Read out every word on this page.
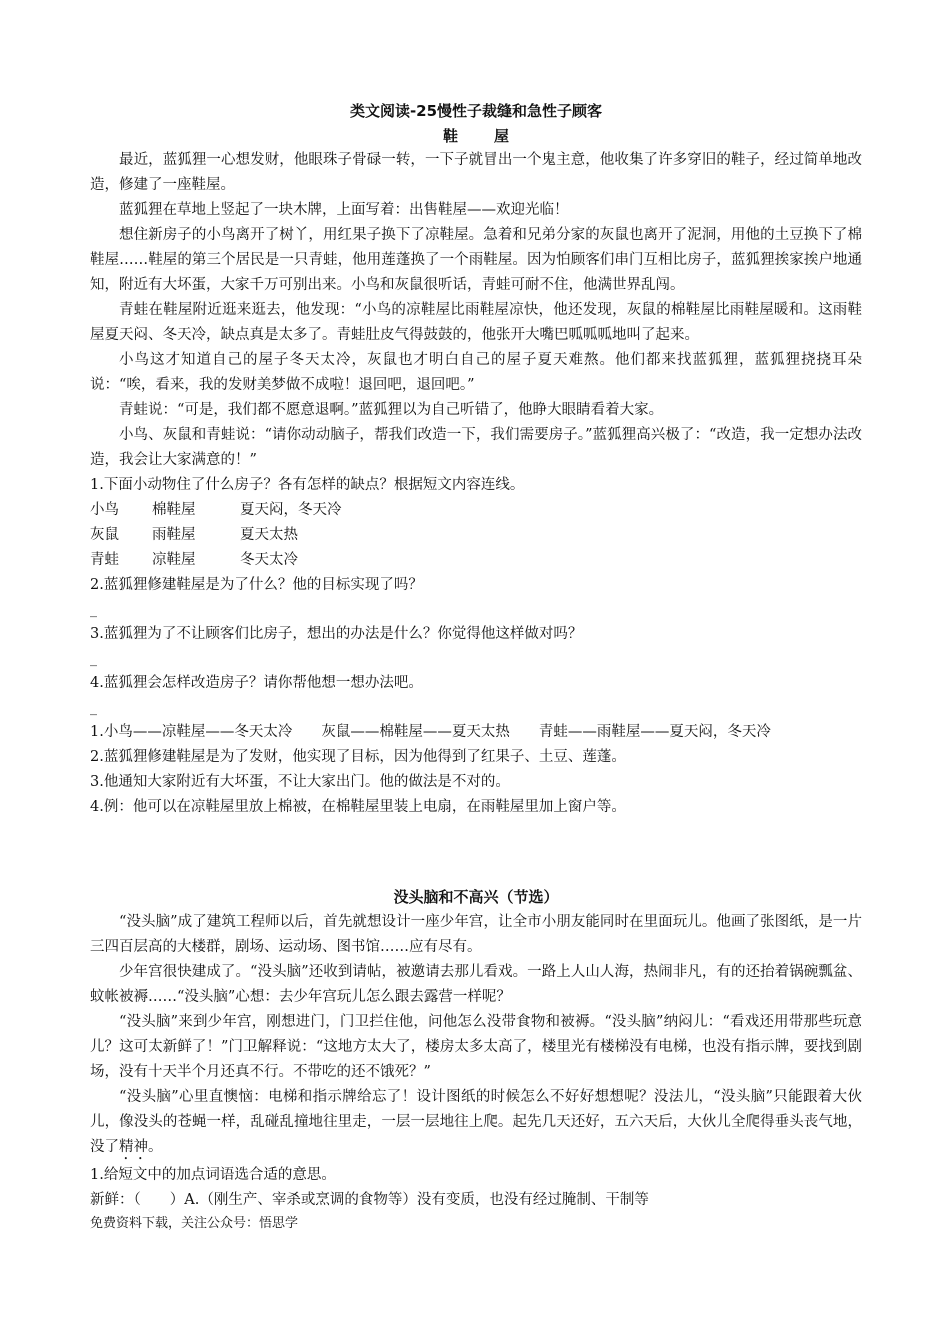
类文阅读-25慢性子裁缝和急性子顾客
鞋屋

最近，蓝狐狸一心想发财，他眼珠子骨碌一转，一下子就冒出一个鬼主意，他收集了许多穿旧的鞋子，经过简单地改造，修建了一座鞋屋。

蓝狐狸在草地上竖起了一块木牌，上面写着：出售鞋屋——欢迎光临！

想住新房子的小鸟离开了树丫，用红果子换下了凉鞋屋。急着和兄弟分家的灰鼠也离开了泥洞，用他的土豆换下了棉鞋屋……鞋屋的第三个居民是一只青蛙，他用莲蓬换了一个雨鞋屋。因为怕顾客们串门互相比房子，蓝狐狸挨家挨户地通知，附近有大坏蛋，大家千万可别出来。小鸟和灰鼠很听话，青蛙可耐不住，他满世界乱闯。

青蛙在鞋屋附近逛来逛去，他发现：“小鸟的凉鞋屋比雨鞋屋凉快，他还发现，灰鼠的棉鞋屋比雨鞋屋暖和。这雨鞋屋夏天闷、冬天冷，缺点真是太多了。青蛙肚皮气得鼓鼓的，他张开大嘴巴呱呱呱地叫了起来。

小鸟这才知道自己的屋子冬天太冷，灰鼠也才明白自己的屋子夏天难熬。他们都来找蓝狐狸，蓝狐狸挠挠耳朵说：“唉，看来，我的发财美梦做不成啦！退回吧，退回吧。”

青蛙说：“可是，我们都不愿意退啊。”蓝狐狸以为自己听错了，他睁大眼睛看着大家。

小鸟、灰鼠和青蛙说：“请你动动脑子，帮我们改造一下，我们需要房子。”蓝狐狸高兴极了：“改造，我一定想办法改造，我会让大家满意的！”

1.下面小动物住了什么房子？各有怎样的缺点？根据短文内容连线。

小鸟	棉鞋屋	夏天闷，冬天冷
灰鼠	雨鞋屋	夏天太热
青蛙	凉鞋屋	冬天太冷

2.蓝狐狸修建鞋屋是为了什么？他的目标实现了吗？

_

3.蓝狐狸为了不让顾客们比房子，想出的办法是什么？你觉得他这样做对吗？

_

4.蓝狐狸会怎样改造房子？请你帮他想一想办法吧。

_

1.小鸟——凉鞋屋——冬天太冷　　灰鼠——棉鞋屋——夏天太热　　青蛙——雨鞋屋——夏天闷，冬天冷

2.蓝狐狸修建鞋屋是为了发财，他实现了目标，因为他得到了红果子、土豆、莲蓬。

3.他通知大家附近有大坏蛋，不让大家出门。他的做法是不对的。

4.例：他可以在凉鞋屋里放上棉被，在棉鞋屋里装上电扇，在雨鞋屋里加上窗户等。

没头脑和不高兴（节选）

“没头脑”成了建筑工程师以后，首先就想设计一座少年宫，让全市小朋友能同时在里面玩儿。他画了张图纸，是一片三四百层高的大楼群，剧场、运动场、图书馆……应有尽有。

少年宫很快建成了。“没头脑”还收到请帖，被邀请去那儿看戏。一路上人山人海，热闹非凡，有的还抬着锅碗瓢盆、蚊帐被褥……“没头脑”心想：去少年宫玩儿怎么跟去露营一样呢？

“没头脑”来到少年宫，刚想进门，门卫拦住他，问他怎么没带食物和被褥。“没头脑”纳闷儿：“看戏还用带那些玩意儿？这可太新鲜了！”门卫解释说：“这地方太大了，楼房太多太高了，楼里光有楼梯没有电梯，也没有指示牌，要找到剧场，没有十天半个月还真不行。不带吃的还不饿死？”

“没头脑”心里直懊恼：电梯和指示牌给忘了！设计图纸的时候怎么不好好想想呢？没法儿，“没头脑”只能跟着大伙儿，像没头的苍蝇一样，乱碰乱撞地往里走，一层一层地往上爬。起先几天还好，五六天后，大伙儿全爬得垂头丧气地，没了精神。

1.给短文中的加点词语选合适的意思。

新鲜：（　　）A.（刚生产、宰杀或烹调的食物等）没有变质，也没有经过腌制、干制等

免费资料下载，关注公众号：悟思学
